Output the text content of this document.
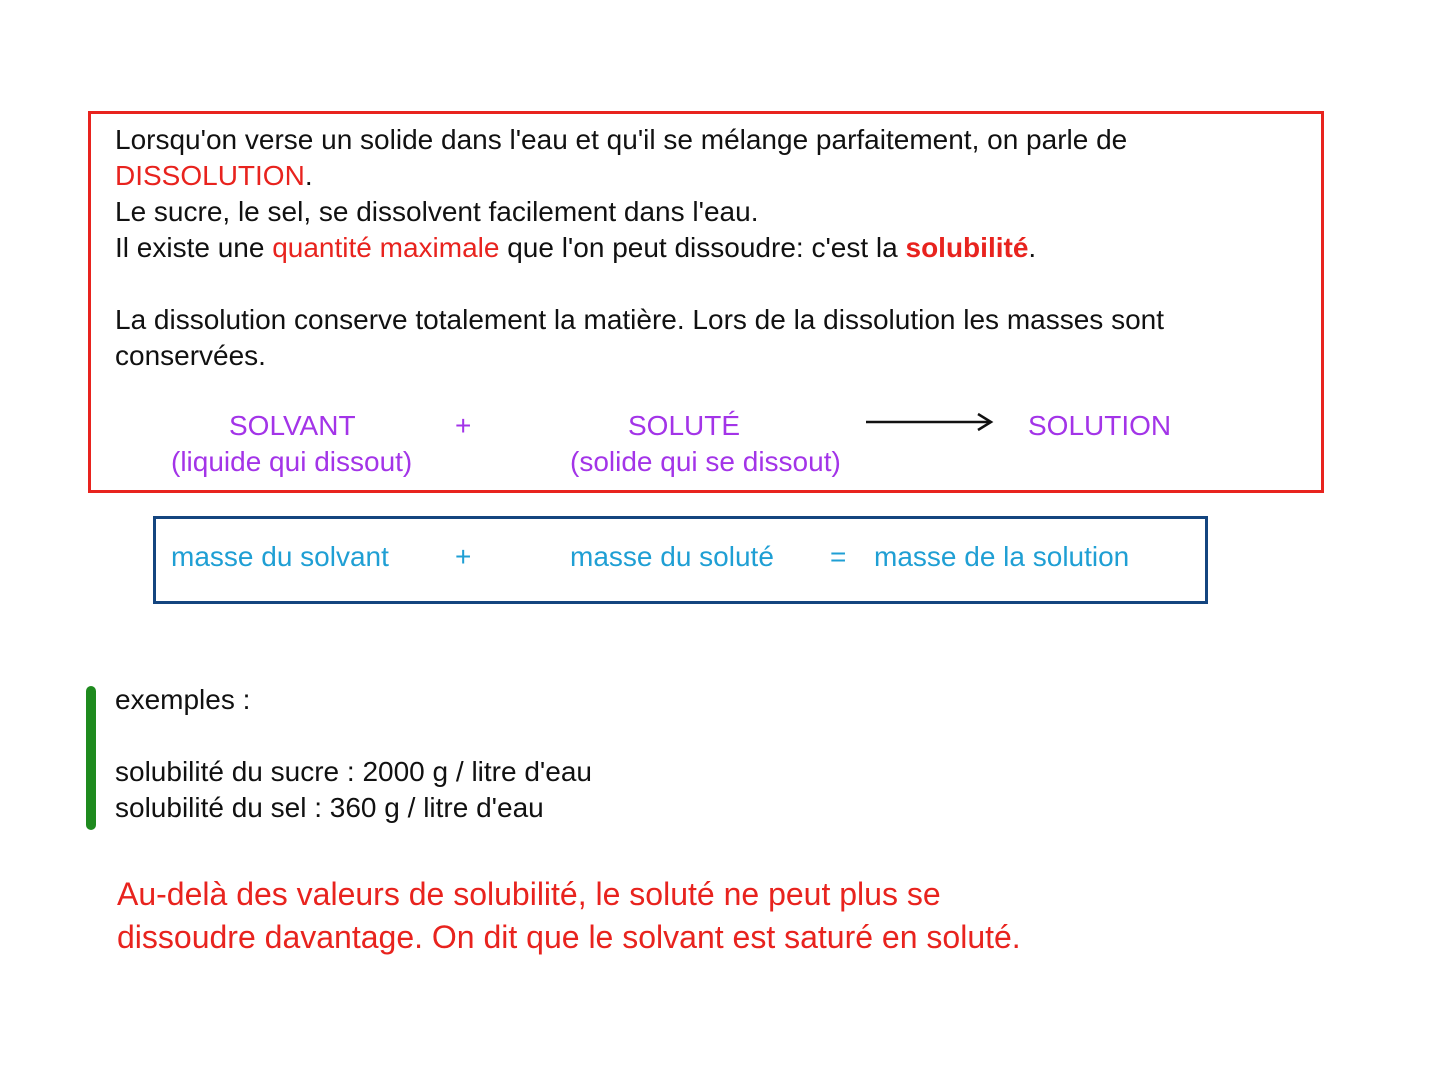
Lorsqu'on verse un solide dans l'eau et qu'il se mélange parfaitement, on parle de
DISSOLUTION.
Le sucre, le sel, se dissolvent facilement dans l'eau.
Il existe une quantité maximale que l'on peut dissoudre: c'est la solubilité.
La dissolution conserve totalement la matière. Lors de la dissolution les masses sont
conservées.
SOLVANT	+	SOLUTÉ	SOLUTION
(liquide qui dissout)	(solide qui se dissout)
masse du solvant +	masse du soluté = masse de la solution
exemples :
solubilité du sucre : 2000 g / litre d'eau
solubilité du sel : 360 g / litre d'eau
Au-delà des valeurs de solubilité, le soluté ne peut plus se
dissoudre davantage. On dit que le solvant est saturé en soluté.
